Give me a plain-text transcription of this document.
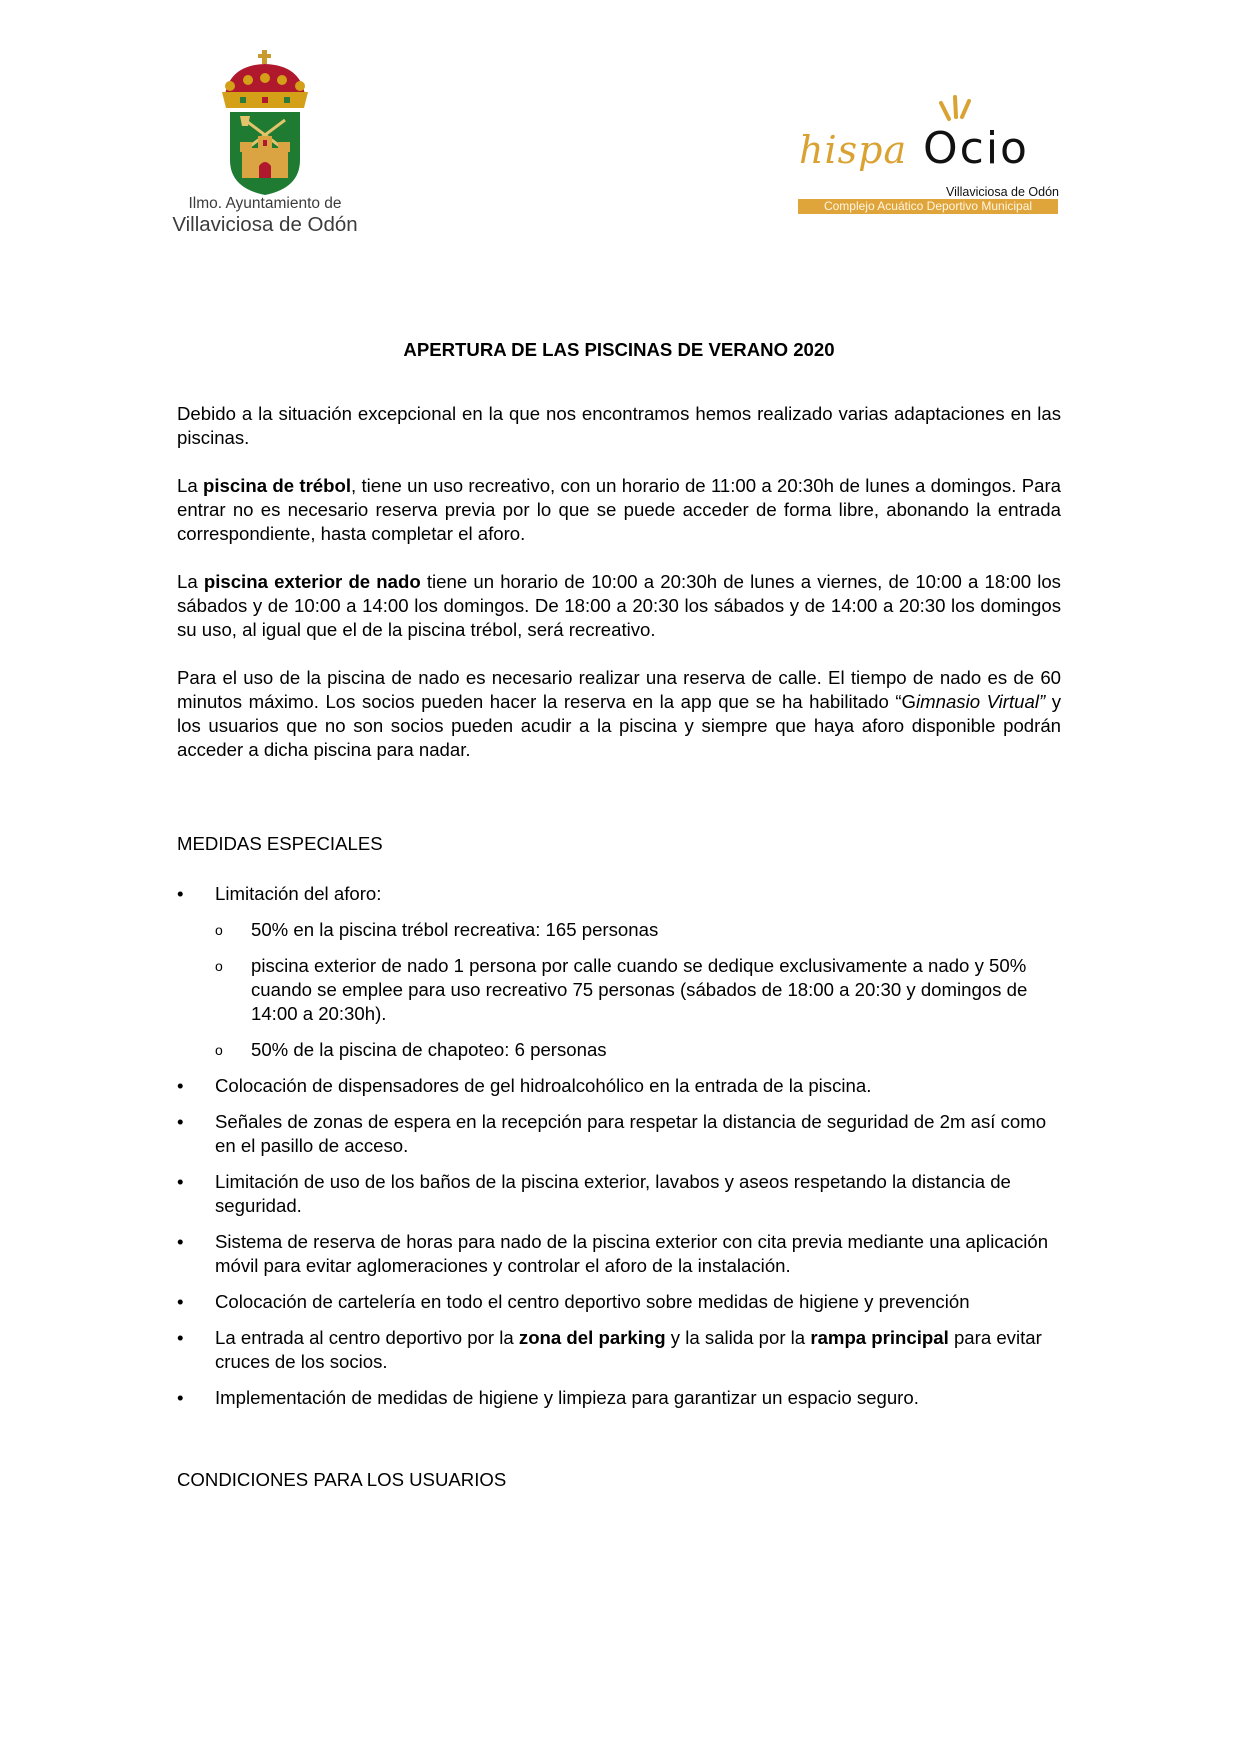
Ilmo. Ayuntamiento de
Villaviciosa de Odón
hispa Ocio
Villaviciosa de Odón
Complejo Acuático Deportivo Municipal
APERTURA DE LAS PISCINAS DE VERANO 2020

Debido a la situación excepcional en la que nos encontramos hemos realizado varias adaptaciones en las piscinas.

La piscina de trébol, tiene un uso recreativo, con un horario de 11:00 a 20:30h de lunes a domingos. Para entrar no es necesario reserva previa por lo que se puede acceder de forma libre, abonando la entrada correspondiente, hasta completar el aforo.

La piscina exterior de nado tiene un horario de 10:00 a 20:30h de lunes a viernes, de 10:00 a 18:00 los sábados y de 10:00 a 14:00 los domingos. De 18:00 a 20:30 los sábados y de 14:00 a 20:30 los domingos su uso, al igual que el de la piscina trébol, será recreativo.

Para el uso de la piscina de nado es necesario realizar una reserva de calle. El tiempo de nado es de 60 minutos máximo. Los socios pueden hacer la reserva en la app que se ha habilitado “Gimnasio Virtual” y los usuarios que no son socios pueden acudir a la piscina y siempre que haya aforo disponible podrán acceder a dicha piscina para nadar.

MEDIDAS ESPECIALES
•	Limitación del aforo:
o 50% en la piscina trébol recreativa: 165 personas
o piscina exterior de nado 1 persona por calle cuando se dedique exclusivamente a nado y 50% cuando se emplee para uso recreativo 75 personas (sábados de 18:00 a 20:30 y domingos de 14:00 a 20:30h).
o 50% de la piscina de chapoteo: 6 personas
•	Colocación de dispensadores de gel hidroalcohólico en la entrada de la piscina.
•	Señales de zonas de espera en la recepción para respetar la distancia de seguridad de 2m así como en el pasillo de acceso.
•	Limitación de uso de los baños de la piscina exterior, lavabos y aseos respetando la distancia de seguridad.
•	Sistema de reserva de horas para nado de la piscina exterior con cita previa mediante una aplicación móvil para evitar aglomeraciones y controlar el aforo de la instalación.
•	Colocación de cartelería en todo el centro deportivo sobre medidas de higiene y prevención
•	La entrada al centro deportivo por la zona del parking y la salida por la rampa principal para evitar cruces de los socios.
•	Implementación de medidas de higiene y limpieza para garantizar un espacio seguro.
CONDICIONES PARA LOS USUARIOS
